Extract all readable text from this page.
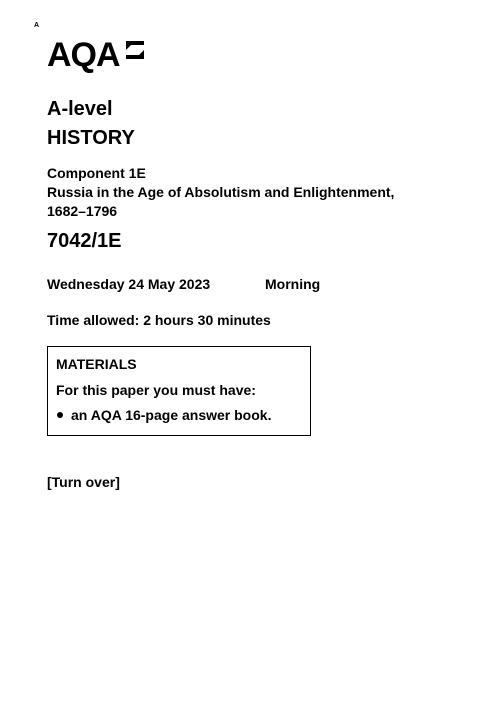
A
AQA
A-level
HISTORY
Component 1E
Russia in the Age of Absolutism and Enlightenment,
1682–1796
7042/1E
Wednesday 24 May 2023	Morning
Time allowed: 2 hours 30 minutes
MATERIALS
For this paper you must have:
an AQA 16-page answer book.
[Turn over]
